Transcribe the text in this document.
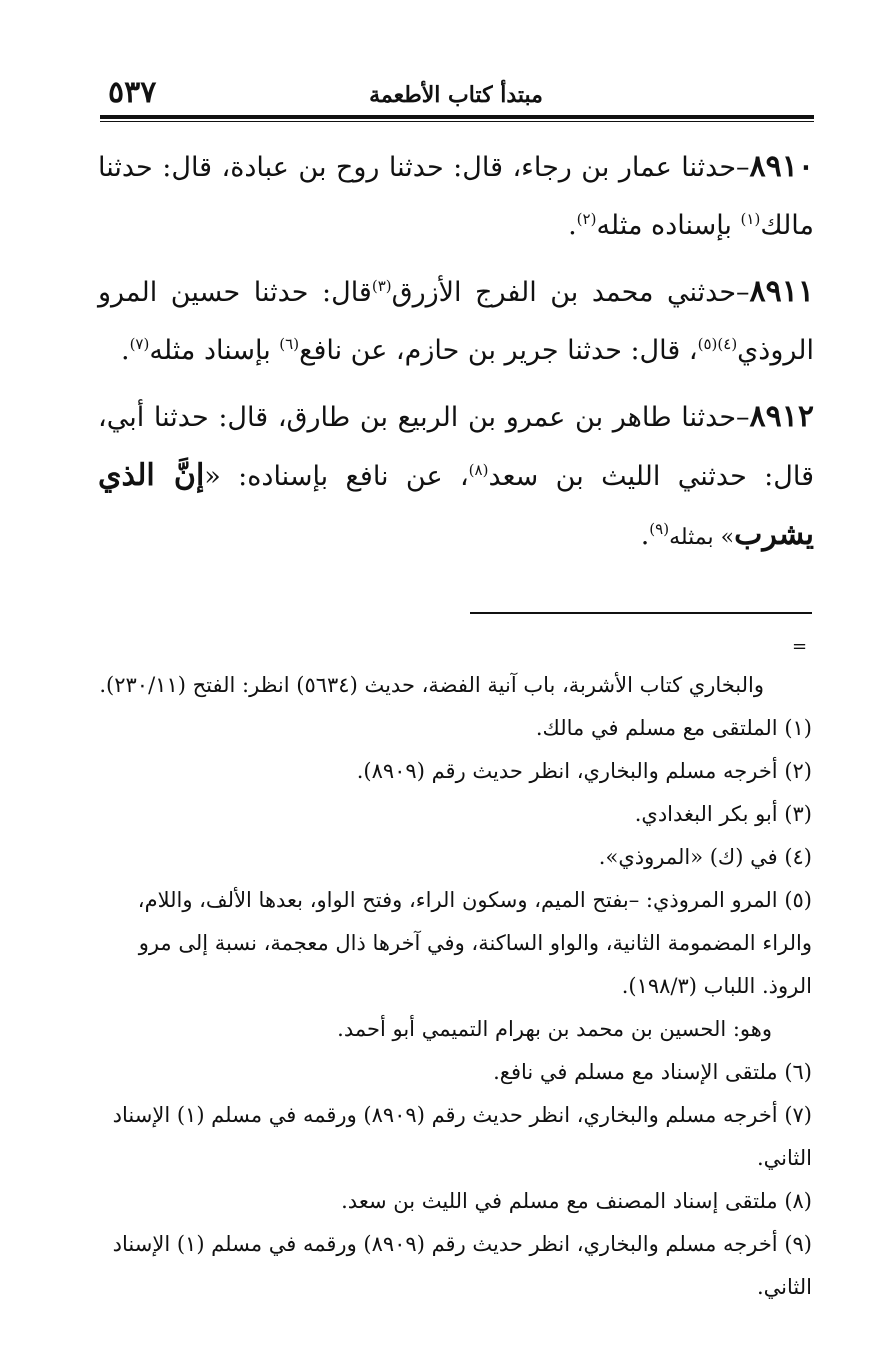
مبتدأ كتاب الأطعمة
٥٣٧

٨٩١٠–حدثنا عمار بن رجاء، قال: حدثنا روح بن عبادة، قال: حدثنا مالك$^{(١)}$ بإسناده مثله$^{(٢)}$.

٨٩١١–حدثني محمد بن الفرج الأزرق$^{(٣)}$قال: حدثنا حسين المرو الروذي$^{(٤)(٥)}$، قال: حدثنا جرير بن حازم، عن نافع$^{(٦)}$ بإسناد مثله$^{(٧)}$.

٨٩١٢–حدثنا طاهر بن عمرو بن الربيع بن طارق، قال: حدثنا أبي، قال: حدثني الليث بن سعد$^{(٨)}$، عن نافع بإسناده: «إنَّ الذي يشرب» بمثله$^{(٩)}$.

=

والبخاري كتاب الأشربة، باب آنية الفضة، حديث (٥٦٣٤) انظر: الفتح (٢٣٠/١١).

(١) الملتقى مع مسلم في مالك.

(٢) أخرجه مسلم والبخاري، انظر حديث رقم (٨٩٠٩).

(٣) أبو بكر البغدادي.

(٤) في (ك) «المروذي».

(٥) المرو المروذي: –بفتح الميم، وسكون الراء، وفتح الواو، بعدها الألف، واللام، والراء المضمومة الثانية، والواو الساكنة، وفي آخرها ذال معجمة، نسبة إلى مرو الروذ. اللباب (١٩٨/٣).

وهو: الحسين بن محمد بن بهرام التميمي أبو أحمد.

(٦) ملتقى الإسناد مع مسلم في نافع.

(٧) أخرجه مسلم والبخاري، انظر حديث رقم (٨٩٠٩) ورقمه في مسلم (١) الإسناد الثاني.

(٨) ملتقى إسناد المصنف مع مسلم في الليث بن سعد.

(٩) أخرجه مسلم والبخاري، انظر حديث رقم (٨٩٠٩) ورقمه في مسلم (١) الإسناد الثاني.
